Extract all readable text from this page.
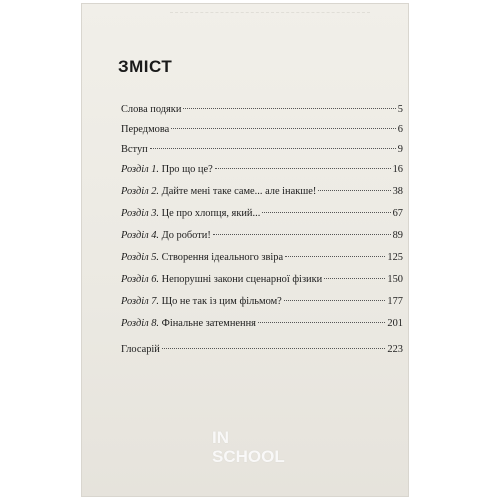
ЗМІСТ
Слова подяки	5
Передмова	6
Вступ	9
Розділ 1. Про що це?	16
Розділ 2. Дайте мені таке саме... але інакше!	38
Розділ 3. Це про хлопця, який...	67
Розділ 4. До роботи!	89
Розділ 5. Створення ідеального звіра	125
Розділ 6. Непорушні закони сценарної фізики	150
Розділ 7. Що не так із цим фільмом?	177
Розділ 8. Фінальне затемнення	201
Глосарій	223
IN
SCHOOL
